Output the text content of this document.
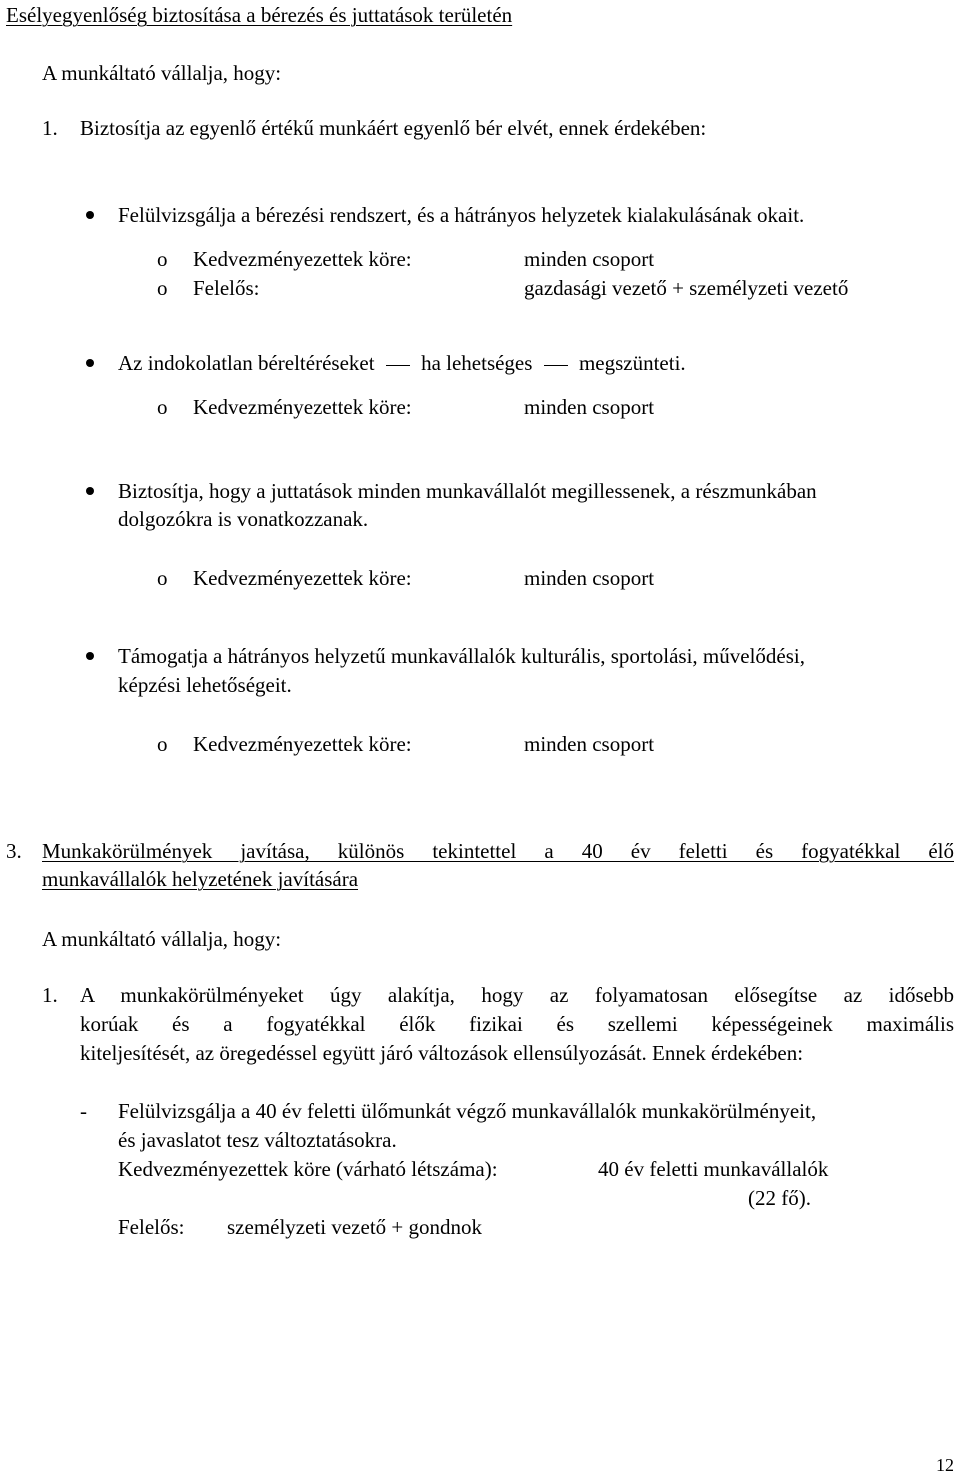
Esélyegyenlőség biztosítása a bérezés és juttatások területén
A munkáltató vállalja, hogy:
1. Biztosítja az egyenlő értékű munkáért egyenlő bér elvét, ennek érdekében:
Felülvizsgálja a bérezési rendszert, és a hátrányos helyzetek kialakulásának okait.
o Kedvezményezettek köre:	minden csoport
o Felelős:	gazdasági vezető + személyzeti vezető
Az indokolatlan béreltéréseket ha lehetséges megszünteti.
o Kedvezményezettek köre:	minden csoport
Biztosítja, hogy a juttatások minden munkavállalót megillessenek, a részmunkában
dolgozókra is vonatkozzanak.
o Kedvezményezettek köre:	minden csoport
Támogatja a hátrányos helyzetű munkavállalók kulturális, sportolási, művelődési,
képzési lehetőségeit.
o Kedvezményezettek köre:	minden csoport
3. Munkakörülmények javítása, különös tekintettel a 40 év feletti és fogyatékkal élő
munkavállalók helyzetének javítására
A munkáltató vállalja, hogy:
1. A munkakörülményeket úgy alakítja, hogy az folyamatosan elősegítse az idősebb
korúak és a fogyatékkal élők fizikai és szellemi képességeinek maximális
kiteljesítését, az öregedéssel együtt járó változások ellensúlyozását. Ennek érdekében:
- Felülvizsgálja a 40 év feletti ülőmunkát végző munkavállalók munkakörülményeit,
és javaslatot tesz változtatásokra.
Kedvezményezettek köre (várható létszáma):	40 év feletti munkavállalók
(22 fő).
Felelős: személyzeti vezető + gondnok
12
